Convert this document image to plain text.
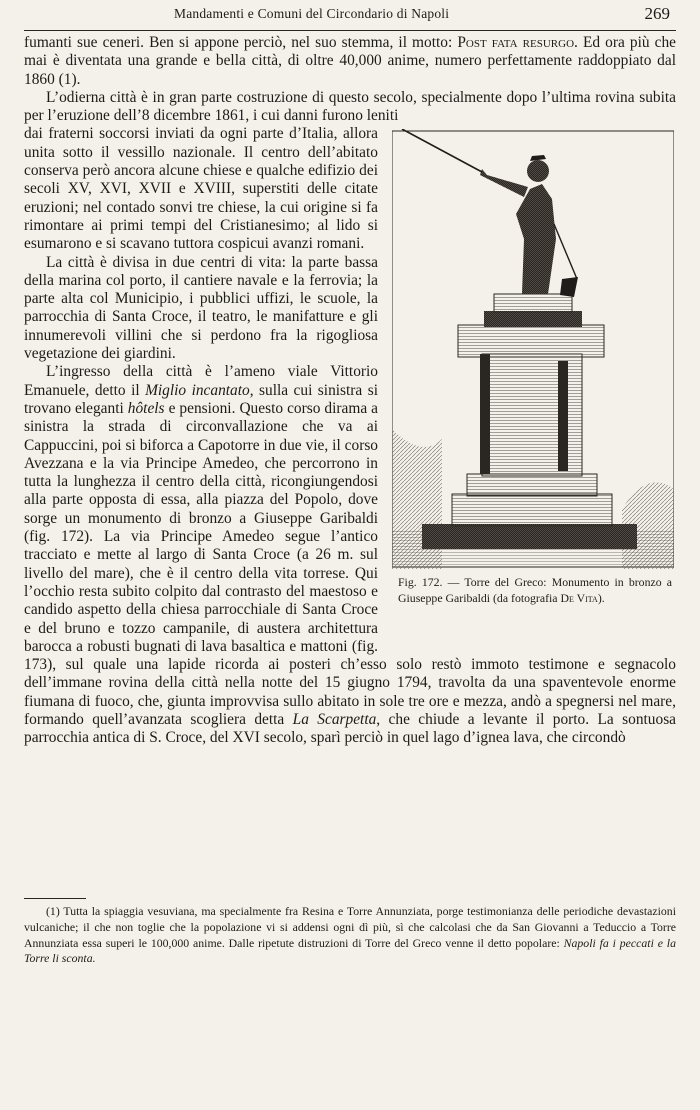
Mandamenti e Comuni del Circondario di Napoli	269

fumanti sue ceneri. Ben si appone perciò, nel suo stemma, il motto: Post fata resurgo. Ed ora più che mai è diventata una grande e bella città, di oltre 40,000 anime, numero perfettamente raddoppiato dal 1860 (1).

L’odierna città è in gran parte costruzione di questo secolo, specialmente dopo l’ultima rovina subita per l’eruzione dell’8 dicembre 1861, i cui danni furono leniti

Fig. 172. — Torre del Greco: Monumento in bronzo a Giuseppe Garibaldi (da fotografia De Vita).

dai fraterni soccorsi inviati da ogni parte d’Italia, allora unita sotto il vessillo nazionale. Il centro dell’abitato conserva però ancora alcune chiese e qualche edifizio dei secoli XV, XVI, XVII e XVIII, superstiti delle citate eruzioni; nel contado sonvi tre chiese, la cui origine si fa rimontare ai primi tempi del Cristianesimo; al lido si esumarono e si scavano tuttora cospicui avanzi romani.

La città è divisa in due centri di vita: la parte bassa della marina col porto, il cantiere navale e la ferrovia; la parte alta col Municipio, i pubblici uffizi, le scuole, la parrocchia di Santa Croce, il teatro, le manifatture e gli innumerevoli villini che si perdono fra la rigogliosa vegetazione dei giardini.

L’ingresso della città è l’ameno viale Vittorio Emanuele, detto il Miglio incantato, sulla cui sinistra si trovano eleganti hôtels e pensioni. Questo corso dirama a sinistra la strada di circonvallazione che va ai Cappuccini, poi si biforca a Capotorre in due vie, il corso Avezzana e la via Principe Amedeo, che percorrono in tutta la lunghezza il centro della città, ricongiungendosi alla parte opposta di essa, alla piazza del Popolo, dove sorge un monumento di bronzo a Giuseppe Garibaldi (fig. 172). La via Principe Amedeo segue l’antico tracciato e mette al largo di Santa Croce (a 26 m. sul livello del mare), che è il centro della vita torrese. Qui l’occhio resta subito colpito dal contrasto del maestoso e candido aspetto della chiesa parrocchiale di Santa Croce e del bruno e tozzo campanile, di austera architettura barocca a robusti bugnati di lava basaltica e mattoni (fig. 173), sul quale una lapide ricorda ai posteri ch’esso solo restò immoto testimone e segnacolo dell’immane rovina della città nella notte del 15 giugno 1794, travolta da una spaventevole enorme fiumana di fuoco, che, giunta improvvisa sullo abitato in sole tre ore e mezza, andò a spegnersi nel mare, formando quell’avanzata scogliera detta La Scarpetta, che chiude a levante il porto. La sontuosa parrocchia antica di S. Croce, del XVI secolo, sparì perciò in quel lago d’ignea lava, che circondò

(1) Tutta la spiaggia vesuviana, ma specialmente fra Resina e Torre Annunziata, porge testimonianza delle periodiche devastazioni vulcaniche; il che non toglie che la popolazione vi si addensi ogni dì più, sì che calcolasi che da San Giovanni a Teduccio a Torre Annunziata essa superi le 100,000 anime. Dalle ripetute distruzioni di Torre del Greco venne il detto popolare: Napoli fa i peccati e la Torre li sconta.
